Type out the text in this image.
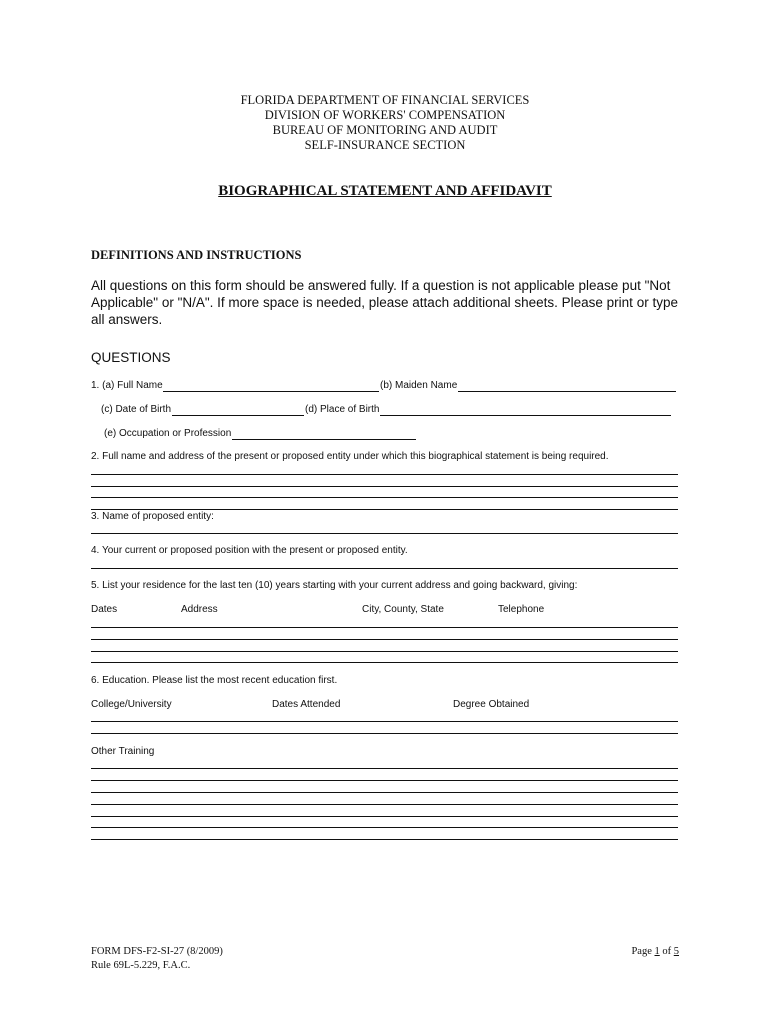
FLORIDA DEPARTMENT OF FINANCIAL SERVICES
DIVISION OF WORKERS' COMPENSATION
BUREAU OF MONITORING AND AUDIT
SELF-INSURANCE SECTION
BIOGRAPHICAL STATEMENT AND AFFIDAVIT
DEFINITIONS AND INSTRUCTIONS
All questions on this form should be answered fully. If a question is not applicable please put "Not Applicable" or "N/A". If more space is needed, please attach additional sheets. Please print or type all answers.
QUESTIONS
1. (a) Full Name	(b) Maiden Name
(c) Date of Birth	(d) Place of Birth
(e) Occupation or Profession
2. Full name and address of the present or proposed entity under which this biographical statement is being required.
3. Name of proposed entity:
4. Your current or proposed position with the present or proposed entity.
5. List your residence for the last ten (10) years starting with your current address and going backward, giving:
Dates	Address	City, County, State	Telephone
6. Education. Please list the most recent education first.
College/University	Dates Attended	Degree Obtained
Other Training
FORM DFS-F2-SI-27 (8/2009)
Rule 69L-5.229, F.A.C.
Page 1 of 5
